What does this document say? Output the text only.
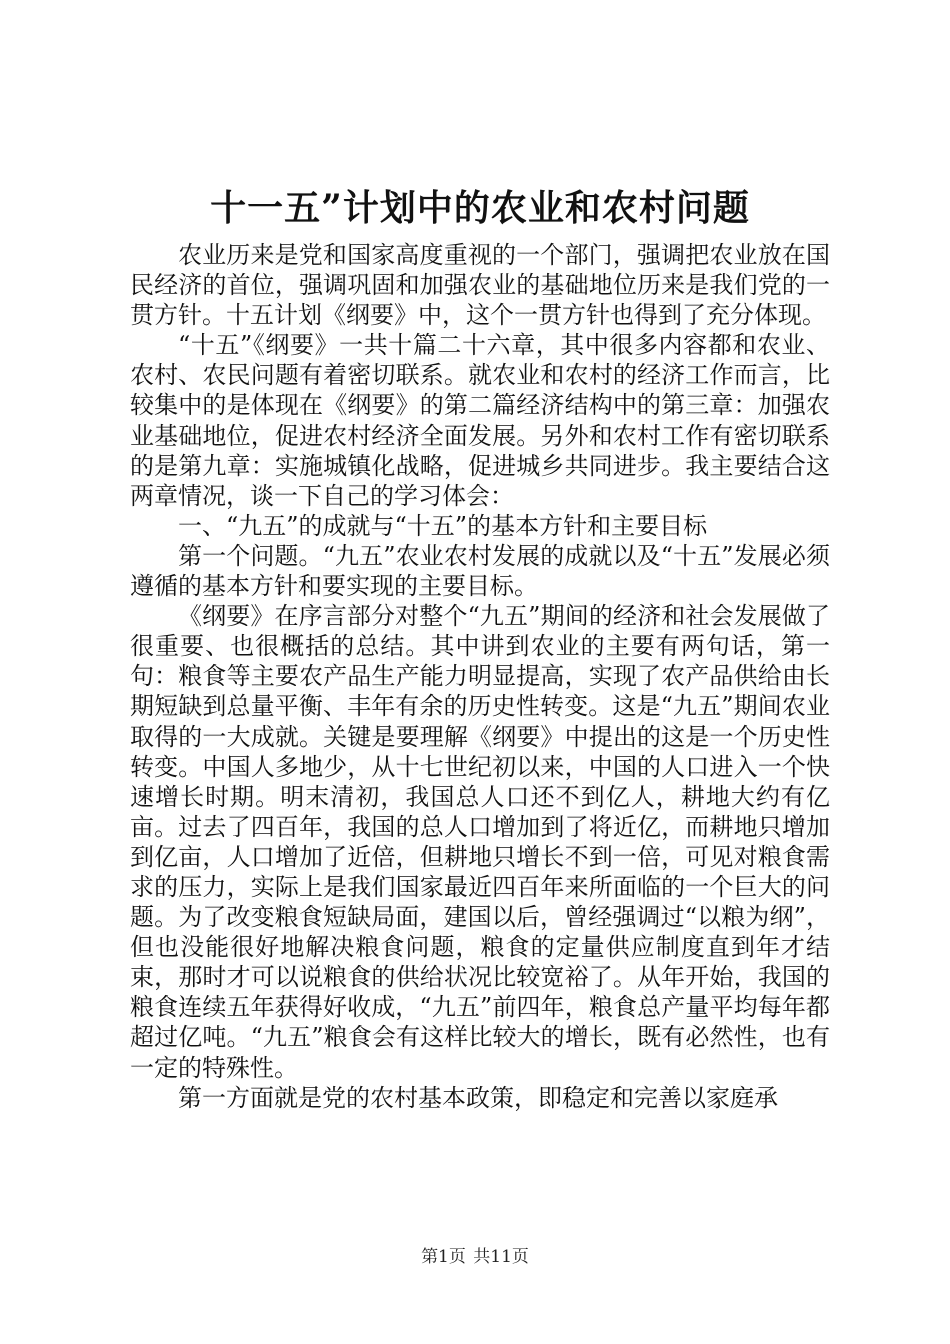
十一五”计划中的农业和农村问题

农业历来是党和国家高度重视的一个部门，强调把农业放在国民经济的首位，强调巩固和加强农业的基础地位历来是我们党的一贯方针。十五计划《纲要》中，这个一贯方针也得到了充分体现。

“十五”《纲要》一共十篇二十六章，其中很多内容都和农业、农村、农民问题有着密切联系。就农业和农村的经济工作而言，比较集中的是体现在《纲要》的第二篇经济结构中的第三章：加强农业基础地位，促进农村经济全面发展。另外和农村工作有密切联系的是第九章：实施城镇化战略，促进城乡共同进步。我主要结合这两章情况，谈一下自己的学习体会：

一、“九五”的成就与“十五”的基本方针和主要目标

第一个问题。“九五”农业农村发展的成就以及“十五”发展必须遵循的基本方针和要实现的主要目标。

《纲要》在序言部分对整个“九五”期间的经济和社会发展做了很重要、也很概括的总结。其中讲到农业的主要有两句话，第一句：粮食等主要农产品生产能力明显提高，实现了农产品供给由长期短缺到总量平衡、丰年有余的历史性转变。这是“九五”期间农业取得的一大成就。关键是要理解《纲要》中提出的这是一个历史性转变。中国人多地少，从十七世纪初以来，中国的人口进入一个快速增长时期。明末清初，我国总人口还不到亿人，耕地大约有亿亩。过去了四百年，我国的总人口增加到了将近亿，而耕地只增加到亿亩，人口增加了近倍，但耕地只增长不到一倍，可见对粮食需求的压力，实际上是我们国家最近四百年来所面临的一个巨大的问题。为了改变粮食短缺局面，建国以后，曾经强调过“以粮为纲”，但也没能很好地解决粮食问题，粮食的定量供应制度直到年才结束，那时才可以说粮食的供给状况比较宽裕了。从年开始，我国的粮食连续五年获得好收成，“九五”前四年，粮食总产量平均每年都超过亿吨。“九五”粮食会有这样比较大的增长，既有必然性，也有一定的特殊性。

第一方面就是党的农村基本政策，即稳定和完善以家庭承

第1页 共11页
